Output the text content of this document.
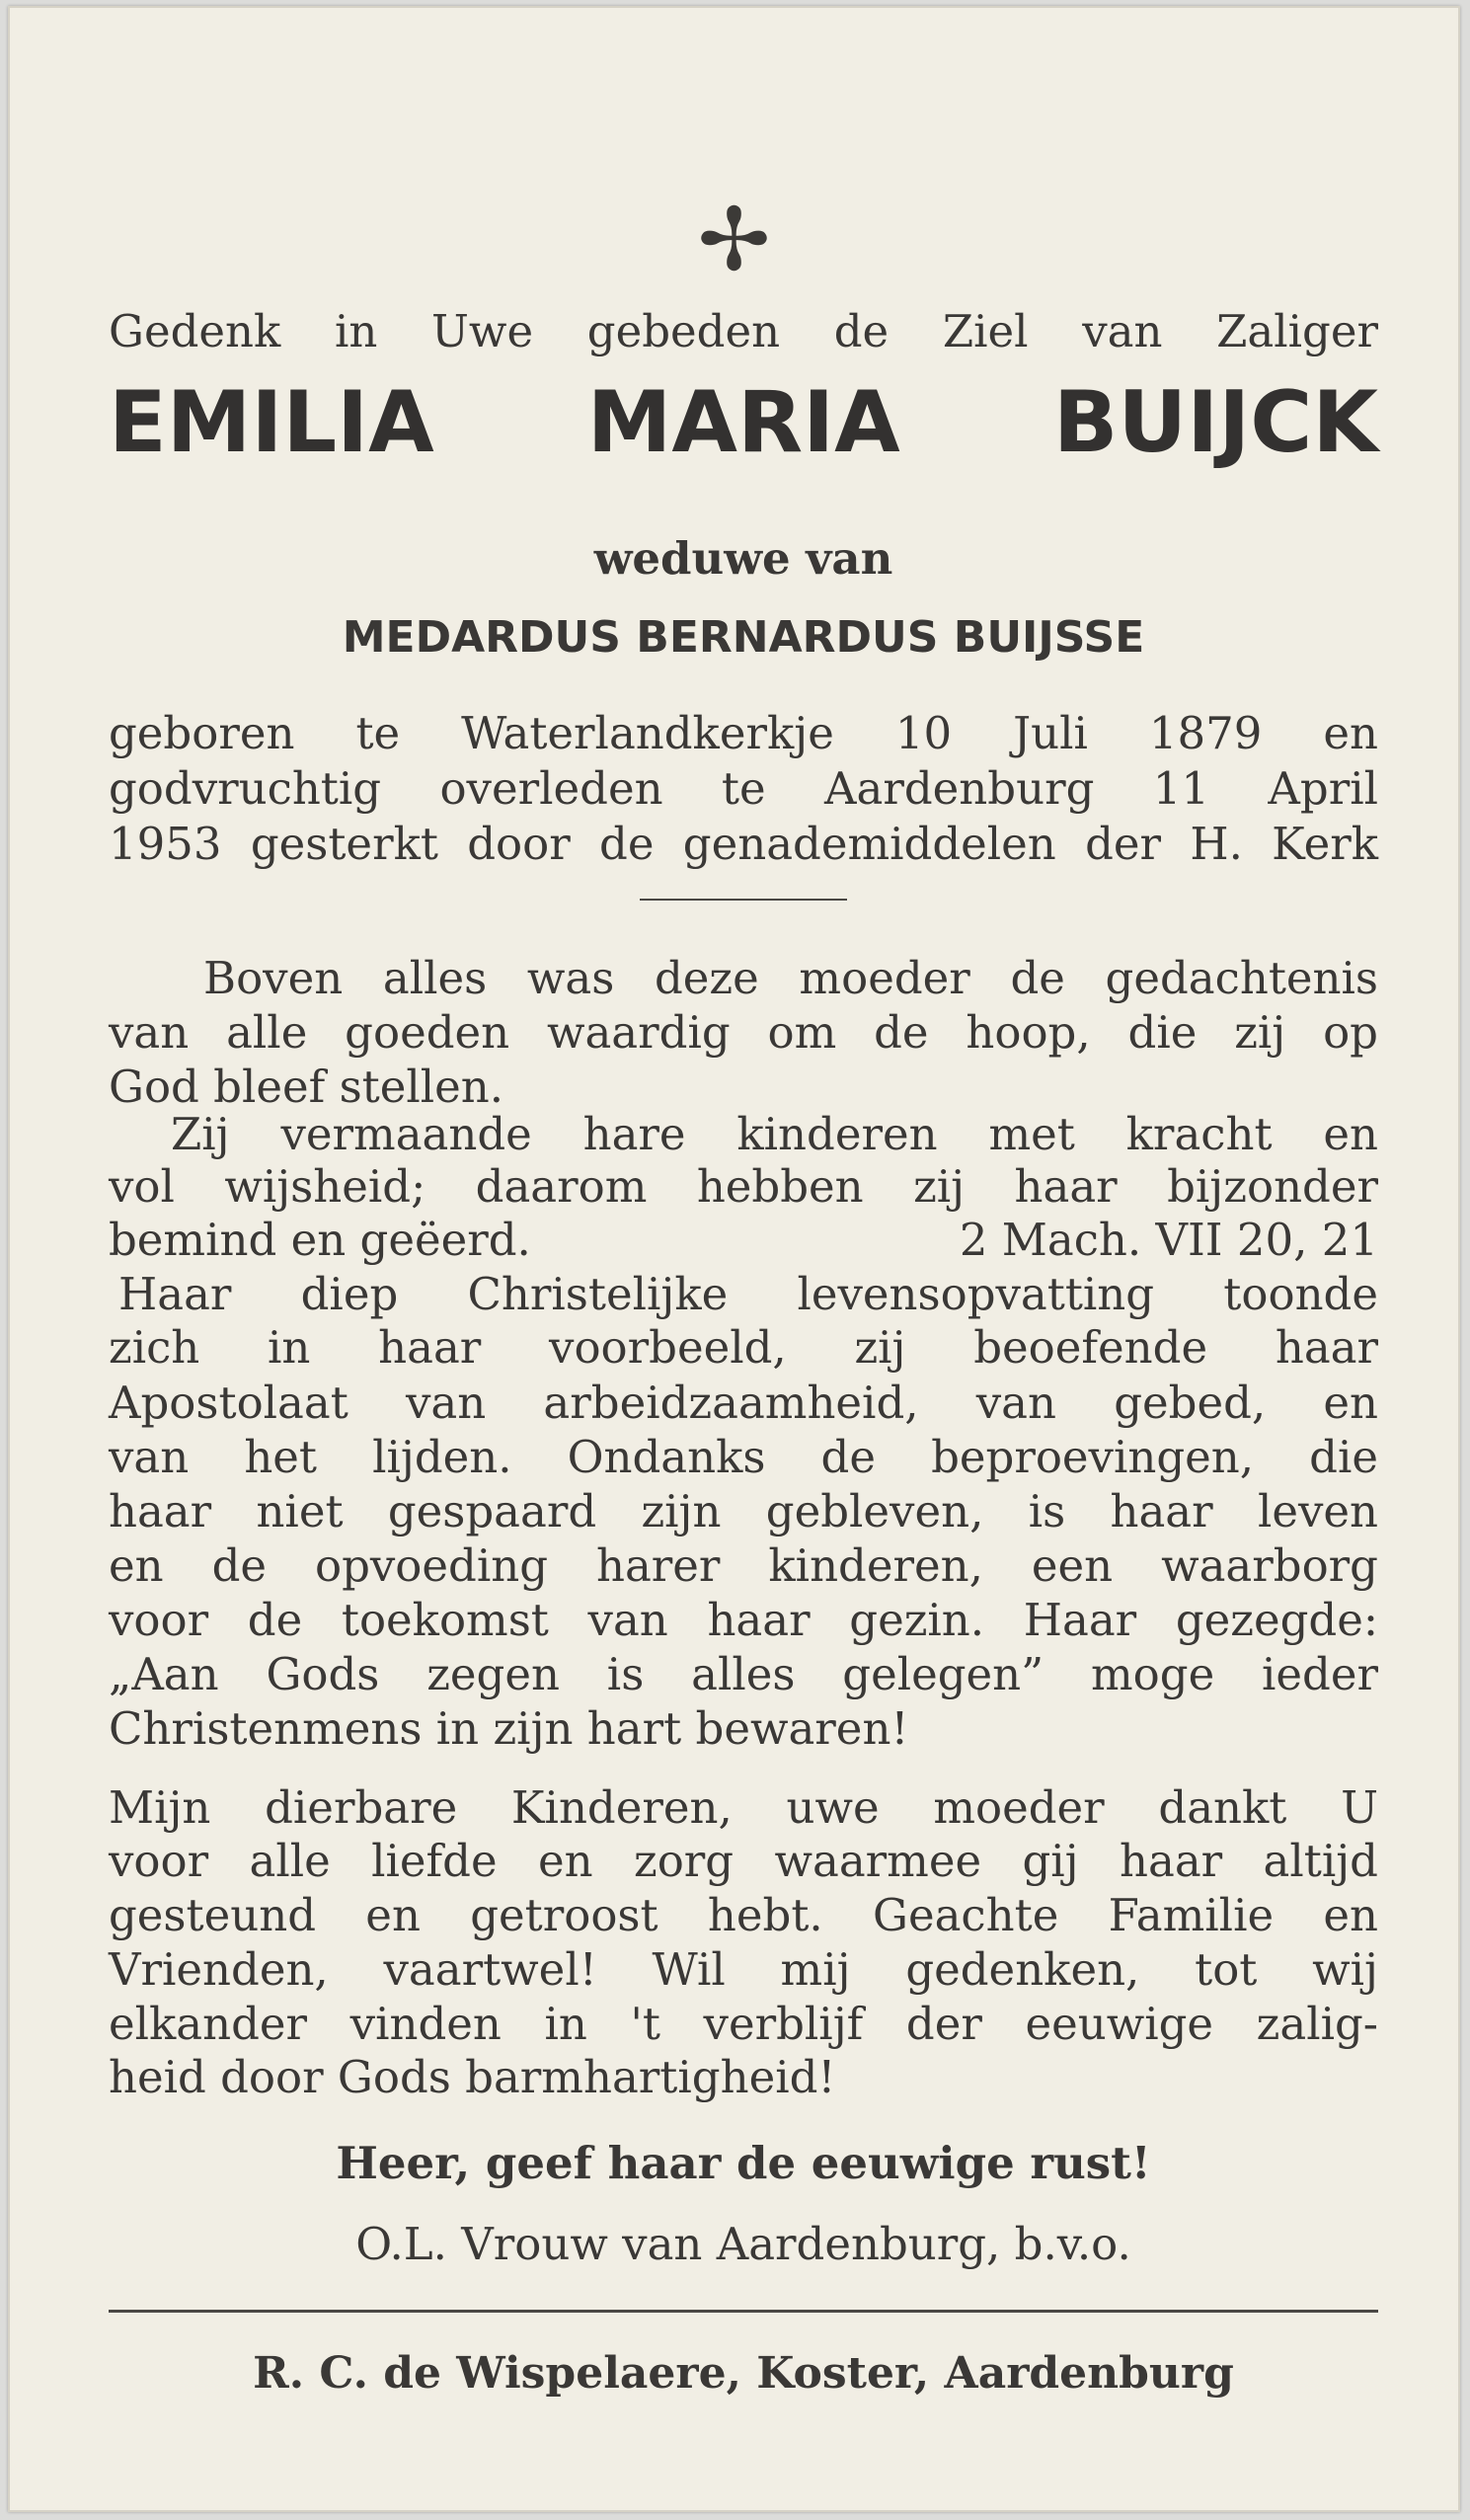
✢
Gedenk in Uwe gebeden de Ziel van Zaliger
EMILIA MARIA BUIJCK
weduwe van
MEDARDUS BERNARDUS BUIJSSE
geboren te Waterlandkerkje 10 Juli 1879 en
godvruchtig overleden te Aardenburg 11 April
1953 gesterkt door de genademiddelen der H. Kerk
Boven alles was deze moeder de gedachtenis
van alle goeden waardig om de hoop, die zij op
God bleef stellen.
Zij vermaande hare kinderen met kracht en
vol wijsheid; daarom hebben zij haar bijzonder
bemind en geëerd.	2 Mach. VII 20, 21
Haar diep Christelijke levensopvatting toonde
zich in haar voorbeeld, zij beoefende haar
Apostolaat van arbeidzaamheid, van gebed, en
van het lijden. Ondanks de beproevingen, die
haar niet gespaard zijn gebleven, is haar leven
en de opvoeding harer kinderen, een waarborg
voor de toekomst van haar gezin. Haar gezegde:
„Aan Gods zegen is alles gelegen” moge ieder
Christenmens in zijn hart bewaren!
Mijn dierbare Kinderen, uwe moeder dankt U
voor alle liefde en zorg waarmee gij haar altijd
gesteund en getroost hebt. Geachte Familie en
Vrienden, vaartwel! Wil mij gedenken, tot wij
elkander vinden in 't verblijf der eeuwige zalig-
heid door Gods barmhartigheid!
Heer, geef haar de eeuwige rust!
O.L. Vrouw van Aardenburg, b.v.o.
R. C. de Wispelaere, Koster, Aardenburg
